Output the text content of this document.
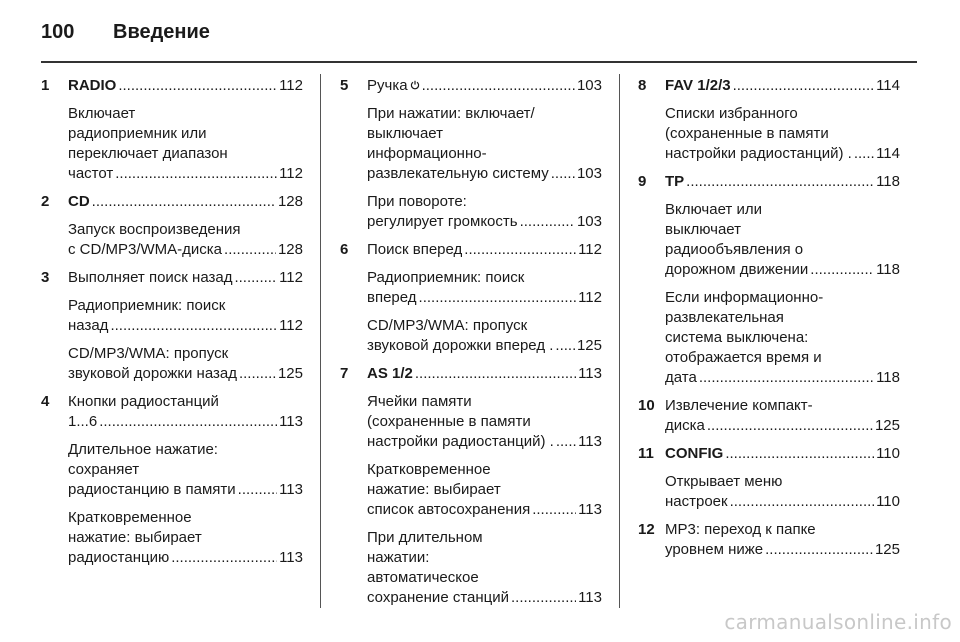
100 Введение
1 RADIO .....	112
Включает
радиоприемник или
переключает диапазон
частот .....	112
2 CD .....	128
Запуск воспроизведения
с CD/MP3/WMA-диска .....	128
3 Выполняет поиск назад .....	112
Радиоприемник: поиск
назад .....	112
CD/MP3/WMA: пропуск
звуковой дорожки назад .....	125
4 Кнопки радиостанций
1...6 .....	113
Длительное нажатие:
сохраняет
радиостанцию в памяти .....	113
Кратковременное
нажатие: выбирает
радиостанцию .....	113
5 Ручка .....	103
При нажатии: включает/
выключает
информационно-
развлекательную систему ..... 103
При повороте:
регулирует громкость .....	103
6 Поиск вперед .....	112
Радиоприемник: поиск
вперед .....	112
CD/MP3/WMA: пропуск
звуковой дорожки вперед . ..... 125
7 AS 1/2 .....	113
Ячейки памяти
(сохраненные в памяти
настройки радиостанций) . ..... 113
Кратковременное
нажатие: выбирает
список автосохранения .....	113
При длительном
нажатии:
автоматическое
сохранение станций .....	113
8 FAV 1/2/3 .....	114
Списки избранного
(сохраненные в памяти
настройки радиостанций) . ..... 114
9 TP .....	118
Включает или
выключает
радиообъявления о
дорожном движении .....	118
Если информационно-
развлекательная
система выключена:
отображается время и
дата .....	118
10 Извлечение компакт-
диска .....	125
11 CONFIG .....	110
Открывает меню
настроек .....	110
12 MP3: переход к папке
уровнем ниже .....	125
carmanualsonline.info
